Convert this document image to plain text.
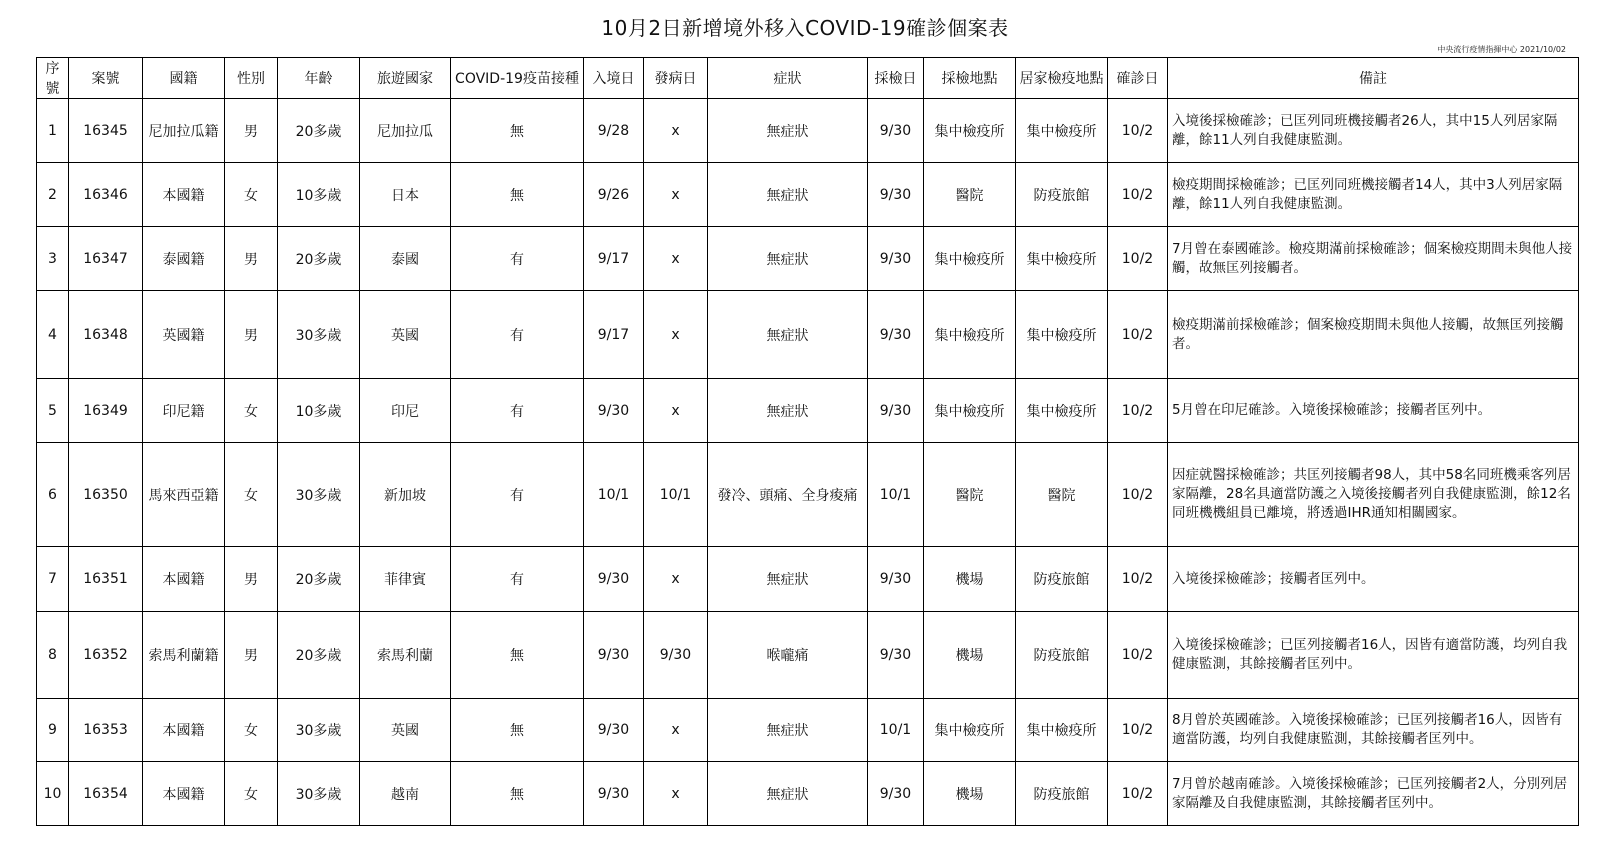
10月2日新增境外移入COVID-19確診個案表
中央流行疫情指揮中心 2021/10/02
序號	案號	國籍	性別	年齡	旅遊國家	COVID-19疫苗接種	入境日	發病日	症狀	採檢日	採檢地點	居家檢疫地點	確診日	備註
1	16345	尼加拉瓜籍	男	20多歲	尼加拉瓜	無	9/28	x	無症狀	9/30	集中檢疫所	集中檢疫所	10/2	入境後採檢確診；已匡列同班機接觸者26人，其中15人列居家隔離，餘11人列自我健康監測。
2	16346	本國籍	女	10多歲	日本	無	9/26	x	無症狀	9/30	醫院	防疫旅館	10/2	檢疫期間採檢確診；已匡列同班機接觸者14人，其中3人列居家隔離，餘11人列自我健康監測。
3	16347	泰國籍	男	20多歲	泰國	有	9/17	x	無症狀	9/30	集中檢疫所	集中檢疫所	10/2	7月曾在泰國確診。檢疫期滿前採檢確診；個案檢疫期間未與他人接觸，故無匡列接觸者。
4	16348	英國籍	男	30多歲	英國	有	9/17	x	無症狀	9/30	集中檢疫所	集中檢疫所	10/2	檢疫期滿前採檢確診；個案檢疫期間未與他人接觸，故無匡列接觸者。
5	16349	印尼籍	女	10多歲	印尼	有	9/30	x	無症狀	9/30	集中檢疫所	集中檢疫所	10/2	5月曾在印尼確診。入境後採檢確診；接觸者匡列中。
6	16350	馬來西亞籍	女	30多歲	新加坡	有	10/1	10/1	發冷、頭痛、全身痠痛	10/1	醫院	醫院	10/2	因症就醫採檢確診；共匡列接觸者98人，其中58名同班機乘客列居家隔離，28名具適當防護之入境後接觸者列自我健康監測，餘12名同班機機組員已離境，將透過IHR通知相關國家。
7	16351	本國籍	男	20多歲	菲律賓	有	9/30	x	無症狀	9/30	機場	防疫旅館	10/2	入境後採檢確診；接觸者匡列中。
8	16352	索馬利蘭籍	男	20多歲	索馬利蘭	無	9/30	9/30	喉嚨痛	9/30	機場	防疫旅館	10/2	入境後採檢確診；已匡列接觸者16人，因皆有適當防護，均列自我健康監測，其餘接觸者匡列中。
9	16353	本國籍	女	30多歲	英國	無	9/30	x	無症狀	10/1	集中檢疫所	集中檢疫所	10/2	8月曾於英國確診。入境後採檢確診；已匡列接觸者16人，因皆有適當防護，均列自我健康監測，其餘接觸者匡列中。
10	16354	本國籍	女	30多歲	越南	無	9/30	x	無症狀	9/30	機場	防疫旅館	10/2	7月曾於越南確診。入境後採檢確診；已匡列接觸者2人，分別列居家隔離及自我健康監測，其餘接觸者匡列中。
